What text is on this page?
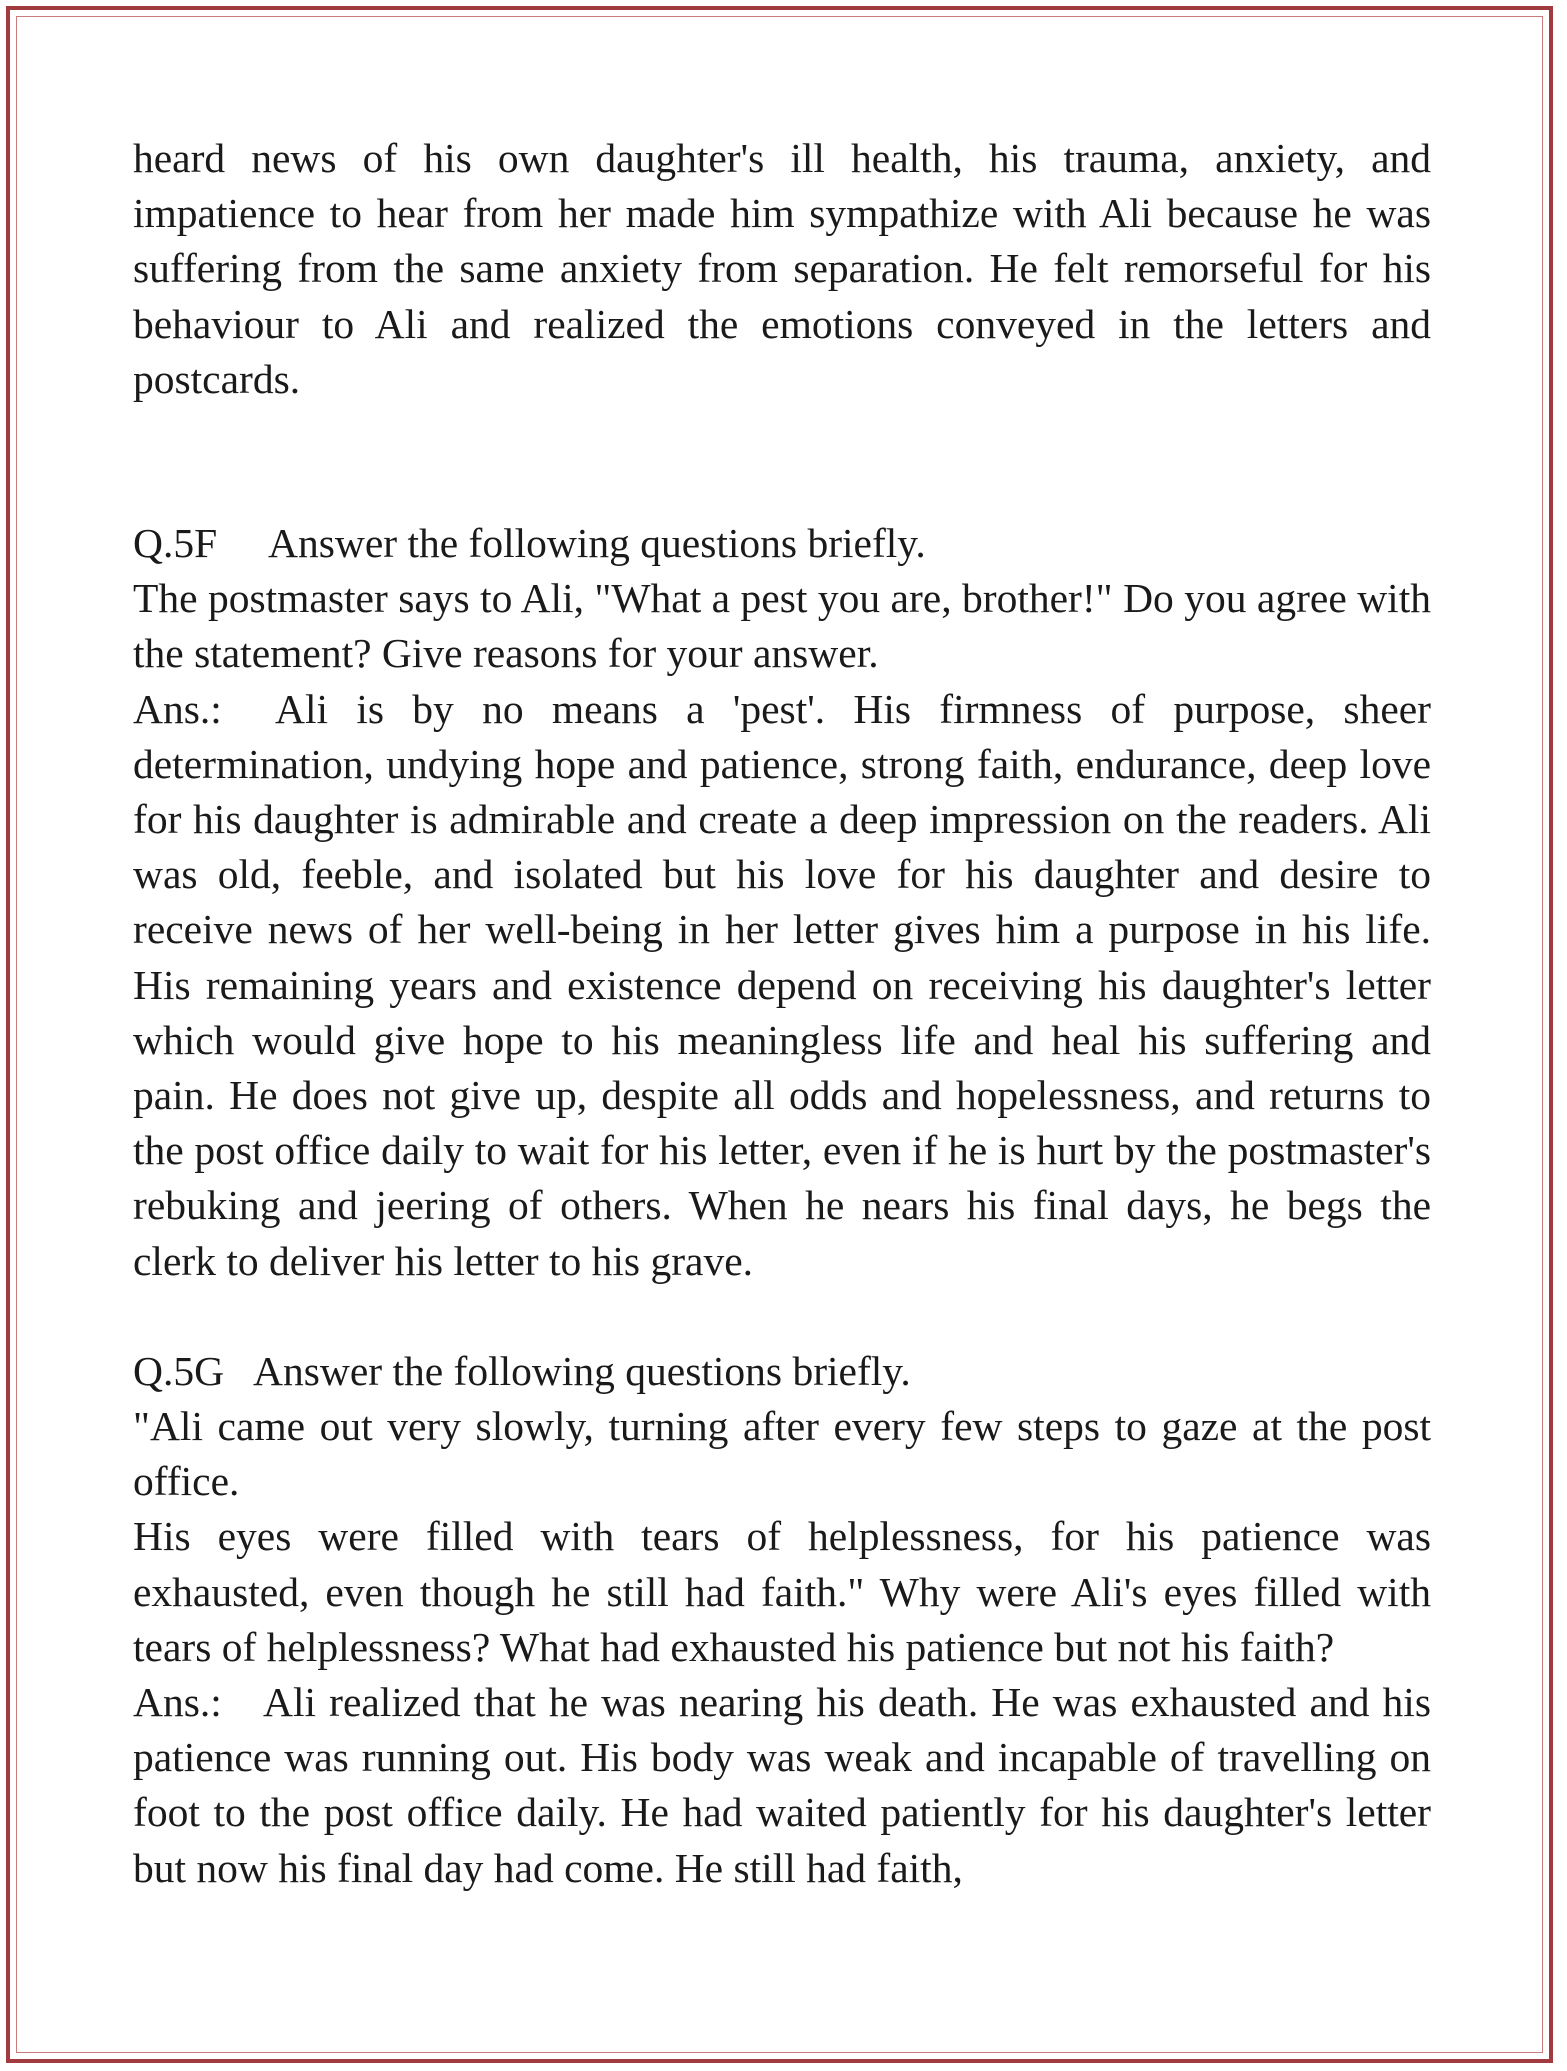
heard news of his own daughter's ill health, his trauma, anxiety, and impatience to hear from her made him sympathize with Ali because he was suffering from the same anxiety from separation. He felt remorseful for his behaviour to Ali and realized the emotions conveyed in the letters and postcards.

Q.5F Answer the following questions briefly.

The postmaster says to Ali, "What a pest you are, brother!" Do you agree with the statement? Give reasons for your answer.

Ans.: Ali is by no means a 'pest'. His firmness of purpose, sheer determination, undying hope and patience, strong faith, endurance, deep love for his daughter is admirable and create a deep impression on the readers. Ali was old, feeble, and isolated but his love for his daughter and desire to receive news of her well-being in her letter gives him a purpose in his life. His remaining years and existence depend on receiving his daughter's letter which would give hope to his meaningless life and heal his suffering and pain. He does not give up, despite all odds and hopelessness, and returns to the post office daily to wait for his letter, even if he is hurt by the postmaster's rebuking and jeering of others. When he nears his final days, he begs the clerk to deliver his letter to his grave.

Q.5G Answer the following questions briefly.

"Ali came out very slowly, turning after every few steps to gaze at the post office.

His eyes were filled with tears of helplessness, for his patience was exhausted, even though he still had faith." Why were Ali's eyes filled with tears of helplessness? What had exhausted his patience but not his faith?

Ans.: Ali realized that he was nearing his death. He was exhausted and his patience was running out. His body was weak and incapable of travelling on foot to the post office daily. He had waited patiently for his daughter's letter but now his final day had come. He still had faith,
